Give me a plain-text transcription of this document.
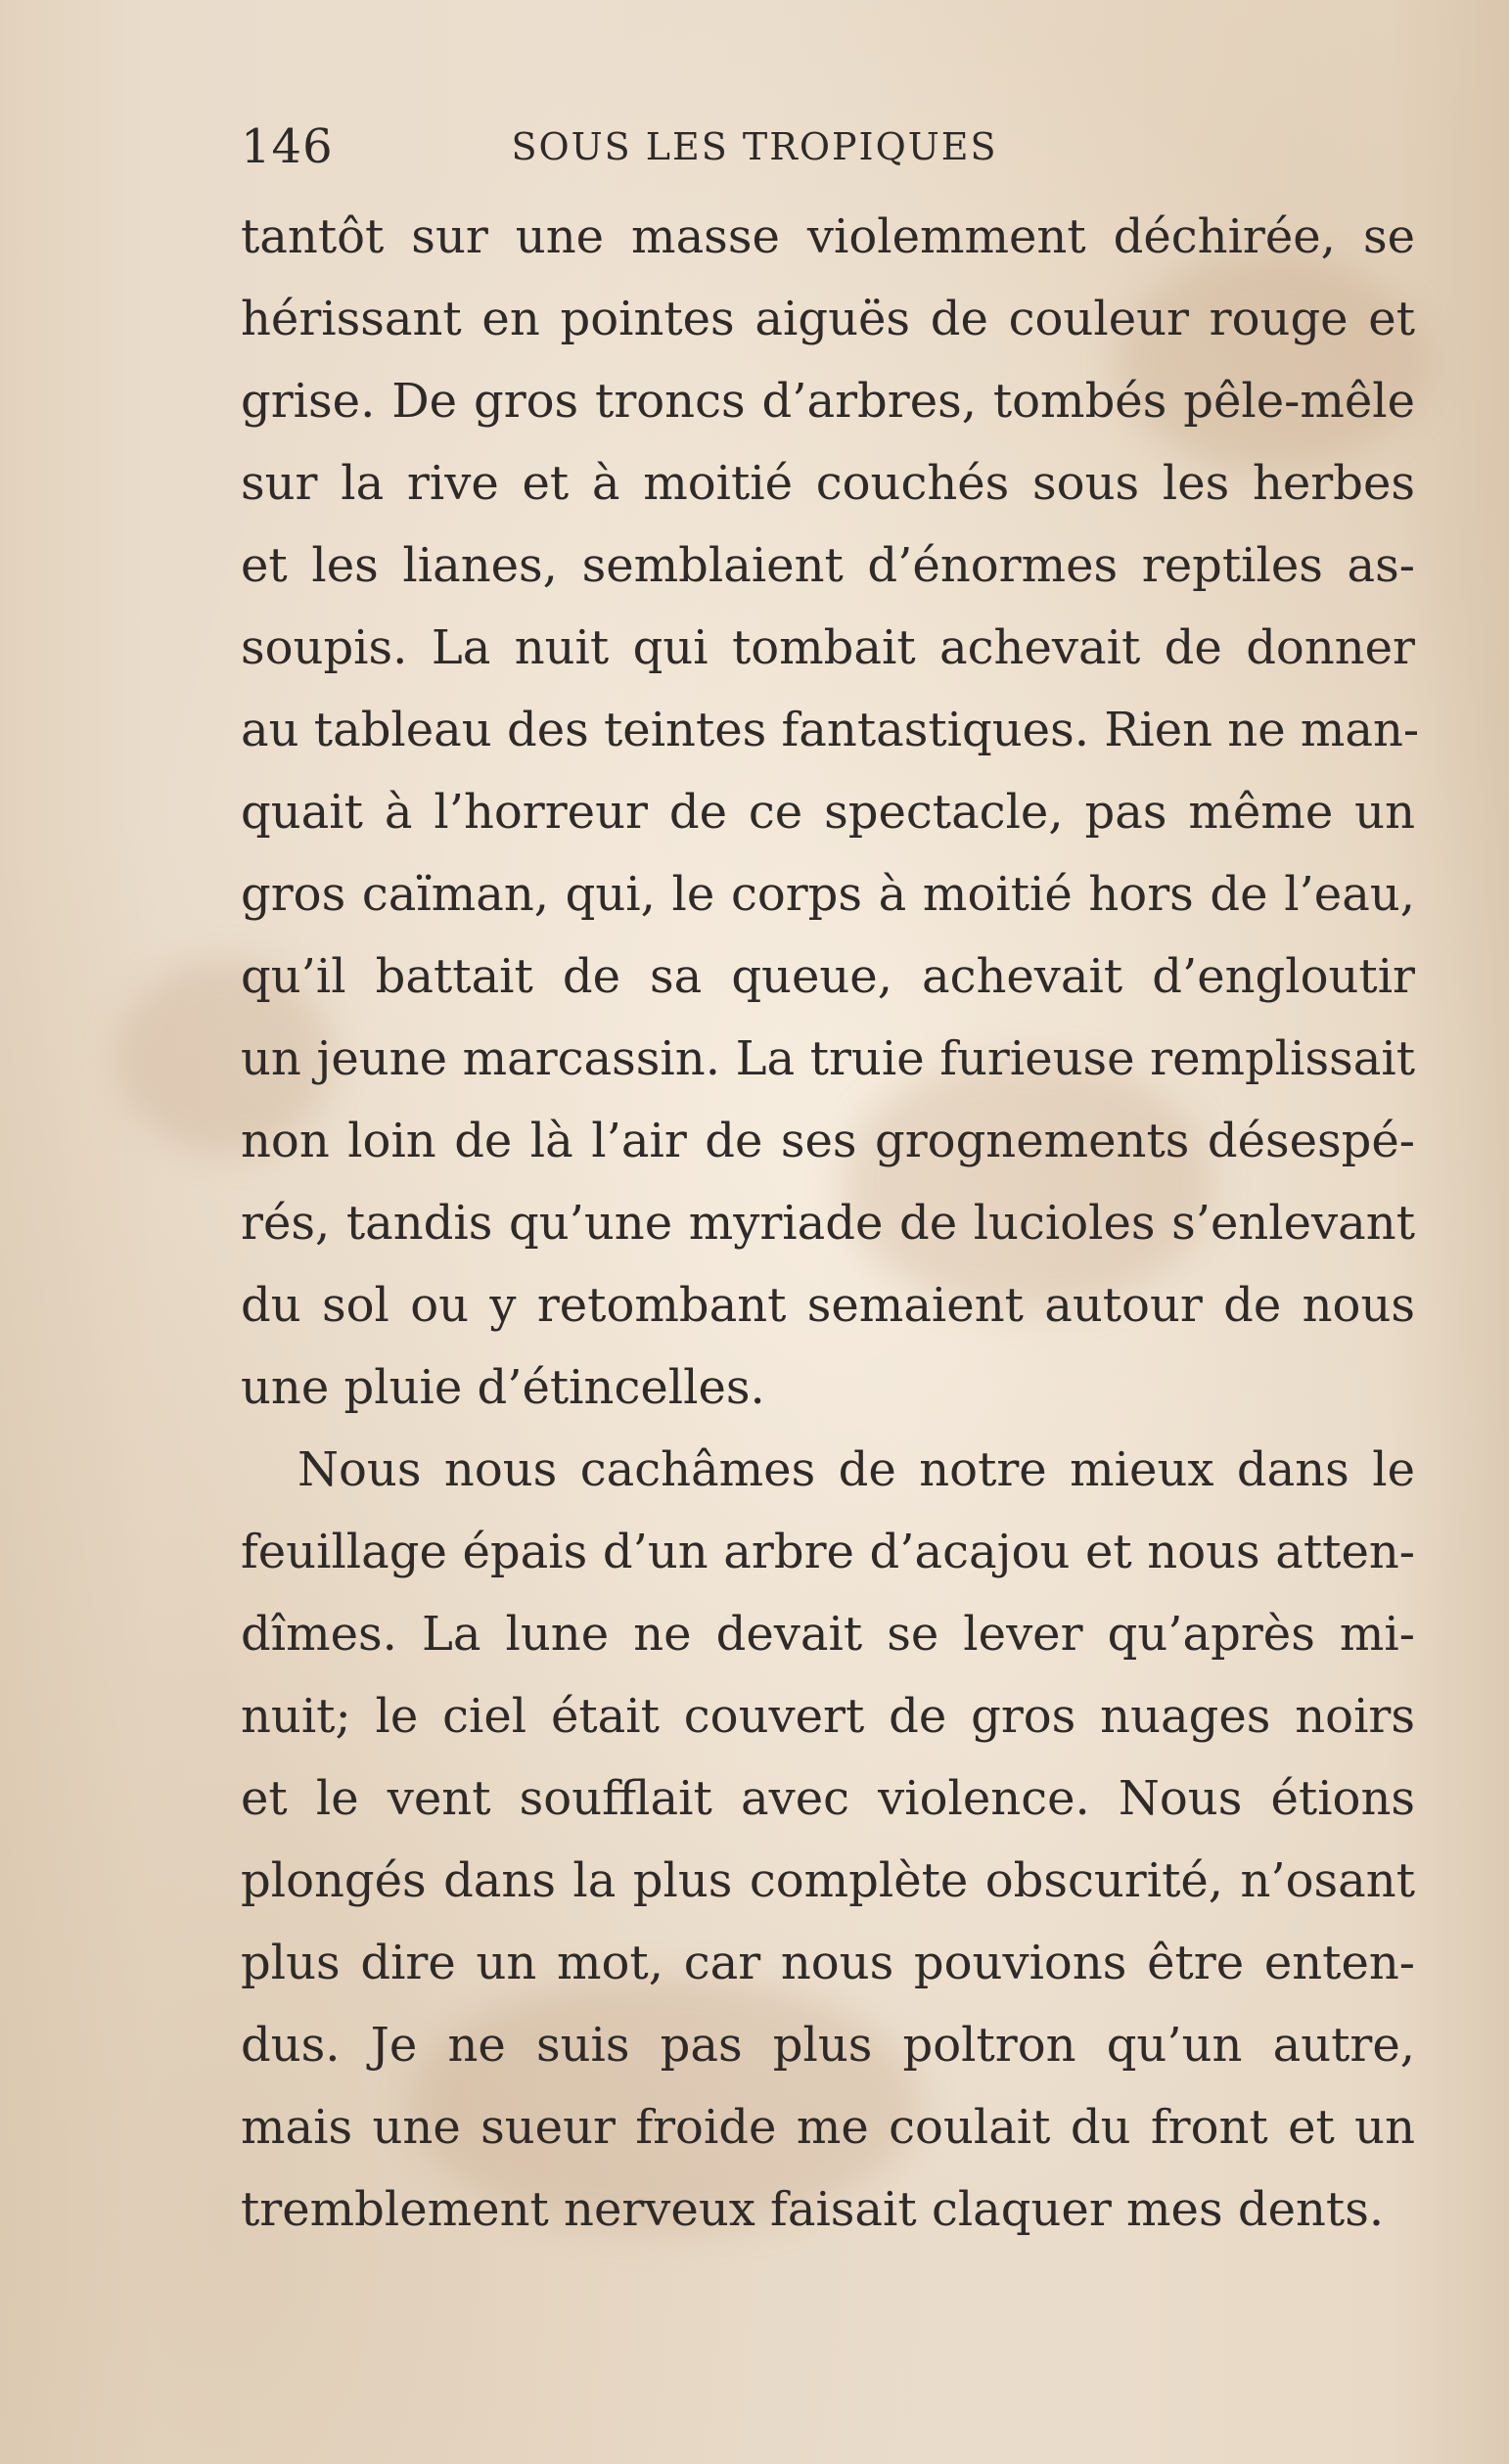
146	SOUS LES TROPIQUES
tantôt sur une masse violemment déchirée, se
hérissant en pointes aiguës de couleur rouge et
grise. De gros troncs d’arbres, tombés pêle-mêle
sur la rive et à moitié couchés sous les herbes
et les lianes, semblaient d’énormes reptiles as-
soupis. La nuit qui tombait achevait de donner
au tableau des teintes fantastiques. Rien ne man-
quait à l’horreur de ce spectacle, pas même un
gros caïman, qui, le corps à moitié hors de l’eau,
qu’il battait de sa queue, achevait d’engloutir
un jeune marcassin. La truie furieuse remplissait
non loin de là l’air de ses grognements désespé-
rés, tandis qu’une myriade de lucioles s’enlevant
du sol ou y retombant semaient autour de nous
une pluie d’étincelles.
Nous nous cachâmes de notre mieux dans le
feuillage épais d’un arbre d’acajou et nous atten-
dîmes. La lune ne devait se lever qu’après mi-
nuit; le ciel était couvert de gros nuages noirs
et le vent soufflait avec violence. Nous étions
plongés dans la plus complète obscurité, n’osant
plus dire un mot, car nous pouvions être enten-
dus. Je ne suis pas plus poltron qu’un autre,
mais une sueur froide me coulait du front et un
tremblement nerveux faisait claquer mes dents.
